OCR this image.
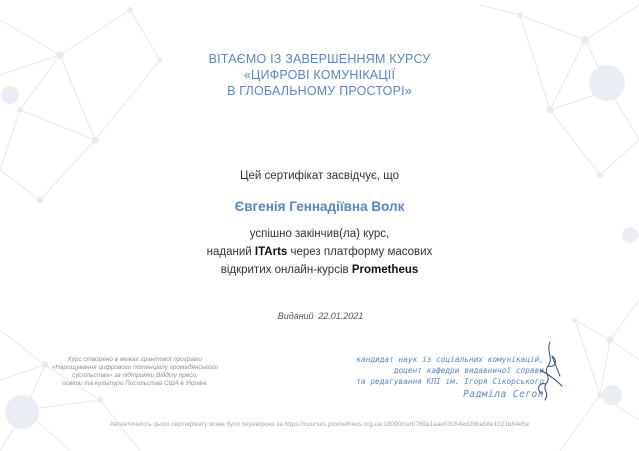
ВІТАЄМО ІЗ ЗАВЕРШЕННЯМ КУРСУ
«ЦИФРОВІ КОМУНІКАЦІЇ
В ГЛОБАЛЬНОМУ ПРОСТОРІ»
Цей сертифікат засвідчує, що
Євгенія Геннадіївна Волк
успішно закінчив(ла) курс,
наданий ITArts через платформу масових
відкритих онлайн-курсів Prometheus
Виданий 22.01.2021
Курс створено в межах грантової програми
«Нарощування цифрового потенціалу громадянського
суспільства» за підтримки Відділу преси,
освіти та культури Посольства США в Україні.
кандидат наук із соціальних комунікацій,
доцент кафедри видавничої справи
та редагування КПІ ім. Ігоря Сікорського
Радміла Сегол
Автентичність цього сертифікату може бути перевірена за https://courses.prometheus.org.ua:18090/cert/769a1aae03054ed29ba58e1021b84e5e
